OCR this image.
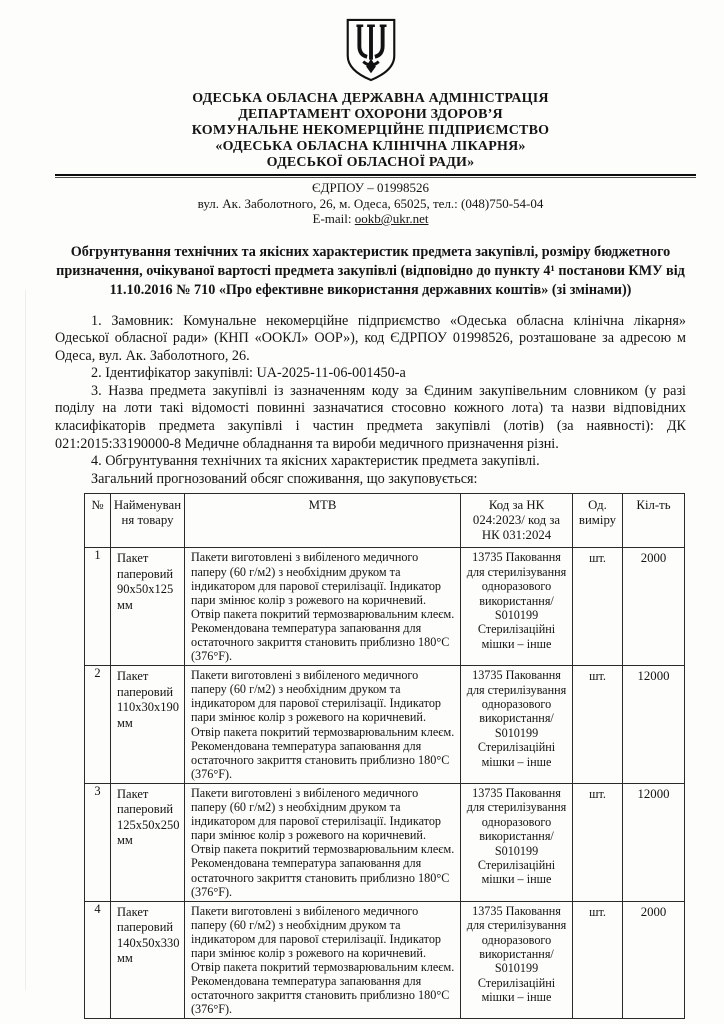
ОДЕСЬКА ОБЛАСНА ДЕРЖАВНА АДМІНІСТРАЦІЯ
ДЕПАРТАМЕНТ ОХОРОНИ ЗДОРОВ’Я
КОМУНАЛЬНЕ НЕКОМЕРЦІЙНЕ ПІДПРИЄМСТВО
«ОДЕСЬКА ОБЛАСНА КЛІНІЧНА ЛІКАРНЯ»
ОДЕСЬКОЇ ОБЛАСНОЇ РАДИ»
ЄДРПОУ – 01998526
вул. Ак. Заболотного, 26, м. Одеса, 65025, тел.: (048)750-54-04
E-mail: ookb@ukr.net
Обгрунтування технічних та якісних характеристик предмета закупівлі, розміру бюджетного призначення, очікуваної вартості предмета закупівлі (відповідно до пункту 4¹ постанови КМУ від 11.10.2016 № 710 «Про ефективне використання державних коштів» (зі змінами))

1. Замовник: Комунальне некомерційне підприємство «Одеська обласна клінічна лікарня» Одеської обласної ради» (КНП «ООКЛ» ООР»), код ЄДРПОУ 01998526, розташоване за адресою м Одеса, вул. Ак. Заболотного, 26.

2. Ідентифікатор закупівлі: UA-2025-11-06-001450-a

3. Назва предмета закупівлі із зазначенням коду за Єдиним закупівельним словником (у разі поділу на лоти такі відомості повинні зазначатися стосовно кожного лота) та назви відповідних класифікаторів предмета закупівлі і частин предмета закупівлі (лотів) (за наявності): ДК 021:2015:33190000-8 Медичне обладнання та вироби медичного призначення різні.

4. Обгрунтування технічних та якісних характеристик предмета закупівлі.

Загальний прогнозований обсяг споживання, що закуповується:

№	Найменування товару	МТВ	Код за НК 024:2023/ код за НК 031:2024	Од. виміру	Кіл-ть
1	Пакет паперовий 90х50х125мм	Пакети виготовлені з вибіленого медичного паперу (60 г/м2) з необхідним друком та індикатором для парової стерилізації. Індикатор пари змінює колір з рожевого на коричневий. Отвір пакета покритий термозварювальним клеєм. Рекомендована температура запаювання для остаточного закриття становить приблизно 180°С (376°F).	13735 Паковання для стерилізування одноразового використання/ S010199 Стерилізаційні мішки – інше	шт.	2000
2	Пакет паперовий 110х30х190 мм	Пакети виготовлені з вибіленого медичного паперу (60 г/м2) з необхідним друком та індикатором для парової стерилізації. Індикатор пари змінює колір з рожевого на коричневий. Отвір пакета покритий термозварювальним клеєм. Рекомендована температура запаювання для остаточного закриття становить приблизно 180°С (376°F).	13735 Паковання для стерилізування одноразового використання/ S010199 Стерилізаційні мішки – інше	шт.	12000
3	Пакет паперовий 125х50х250 мм	Пакети виготовлені з вибіленого медичного паперу (60 г/м2) з необхідним друком та індикатором для парової стерилізації. Індикатор пари змінює колір з рожевого на коричневий. Отвір пакета покритий термозварювальним клеєм. Рекомендована температура запаювання для остаточного закриття становить приблизно 180°С (376°F).	13735 Паковання для стерилізування одноразового використання/ S010199 Стерилізаційні мішки – інше	шт.	12000
4	Пакет паперовий 140х50х330 мм	Пакети виготовлені з вибіленого медичного паперу (60 г/м2) з необхідним друком та індикатором для парової стерилізації. Індикатор пари змінює колір з рожевого на коричневий. Отвір пакета покритий термозварювальним клеєм. Рекомендована температура запаювання для остаточного закриття становить приблизно 180°С (376°F).	13735 Паковання для стерилізування одноразового використання/ S010199 Стерилізаційні мішки – інше	шт.	2000
